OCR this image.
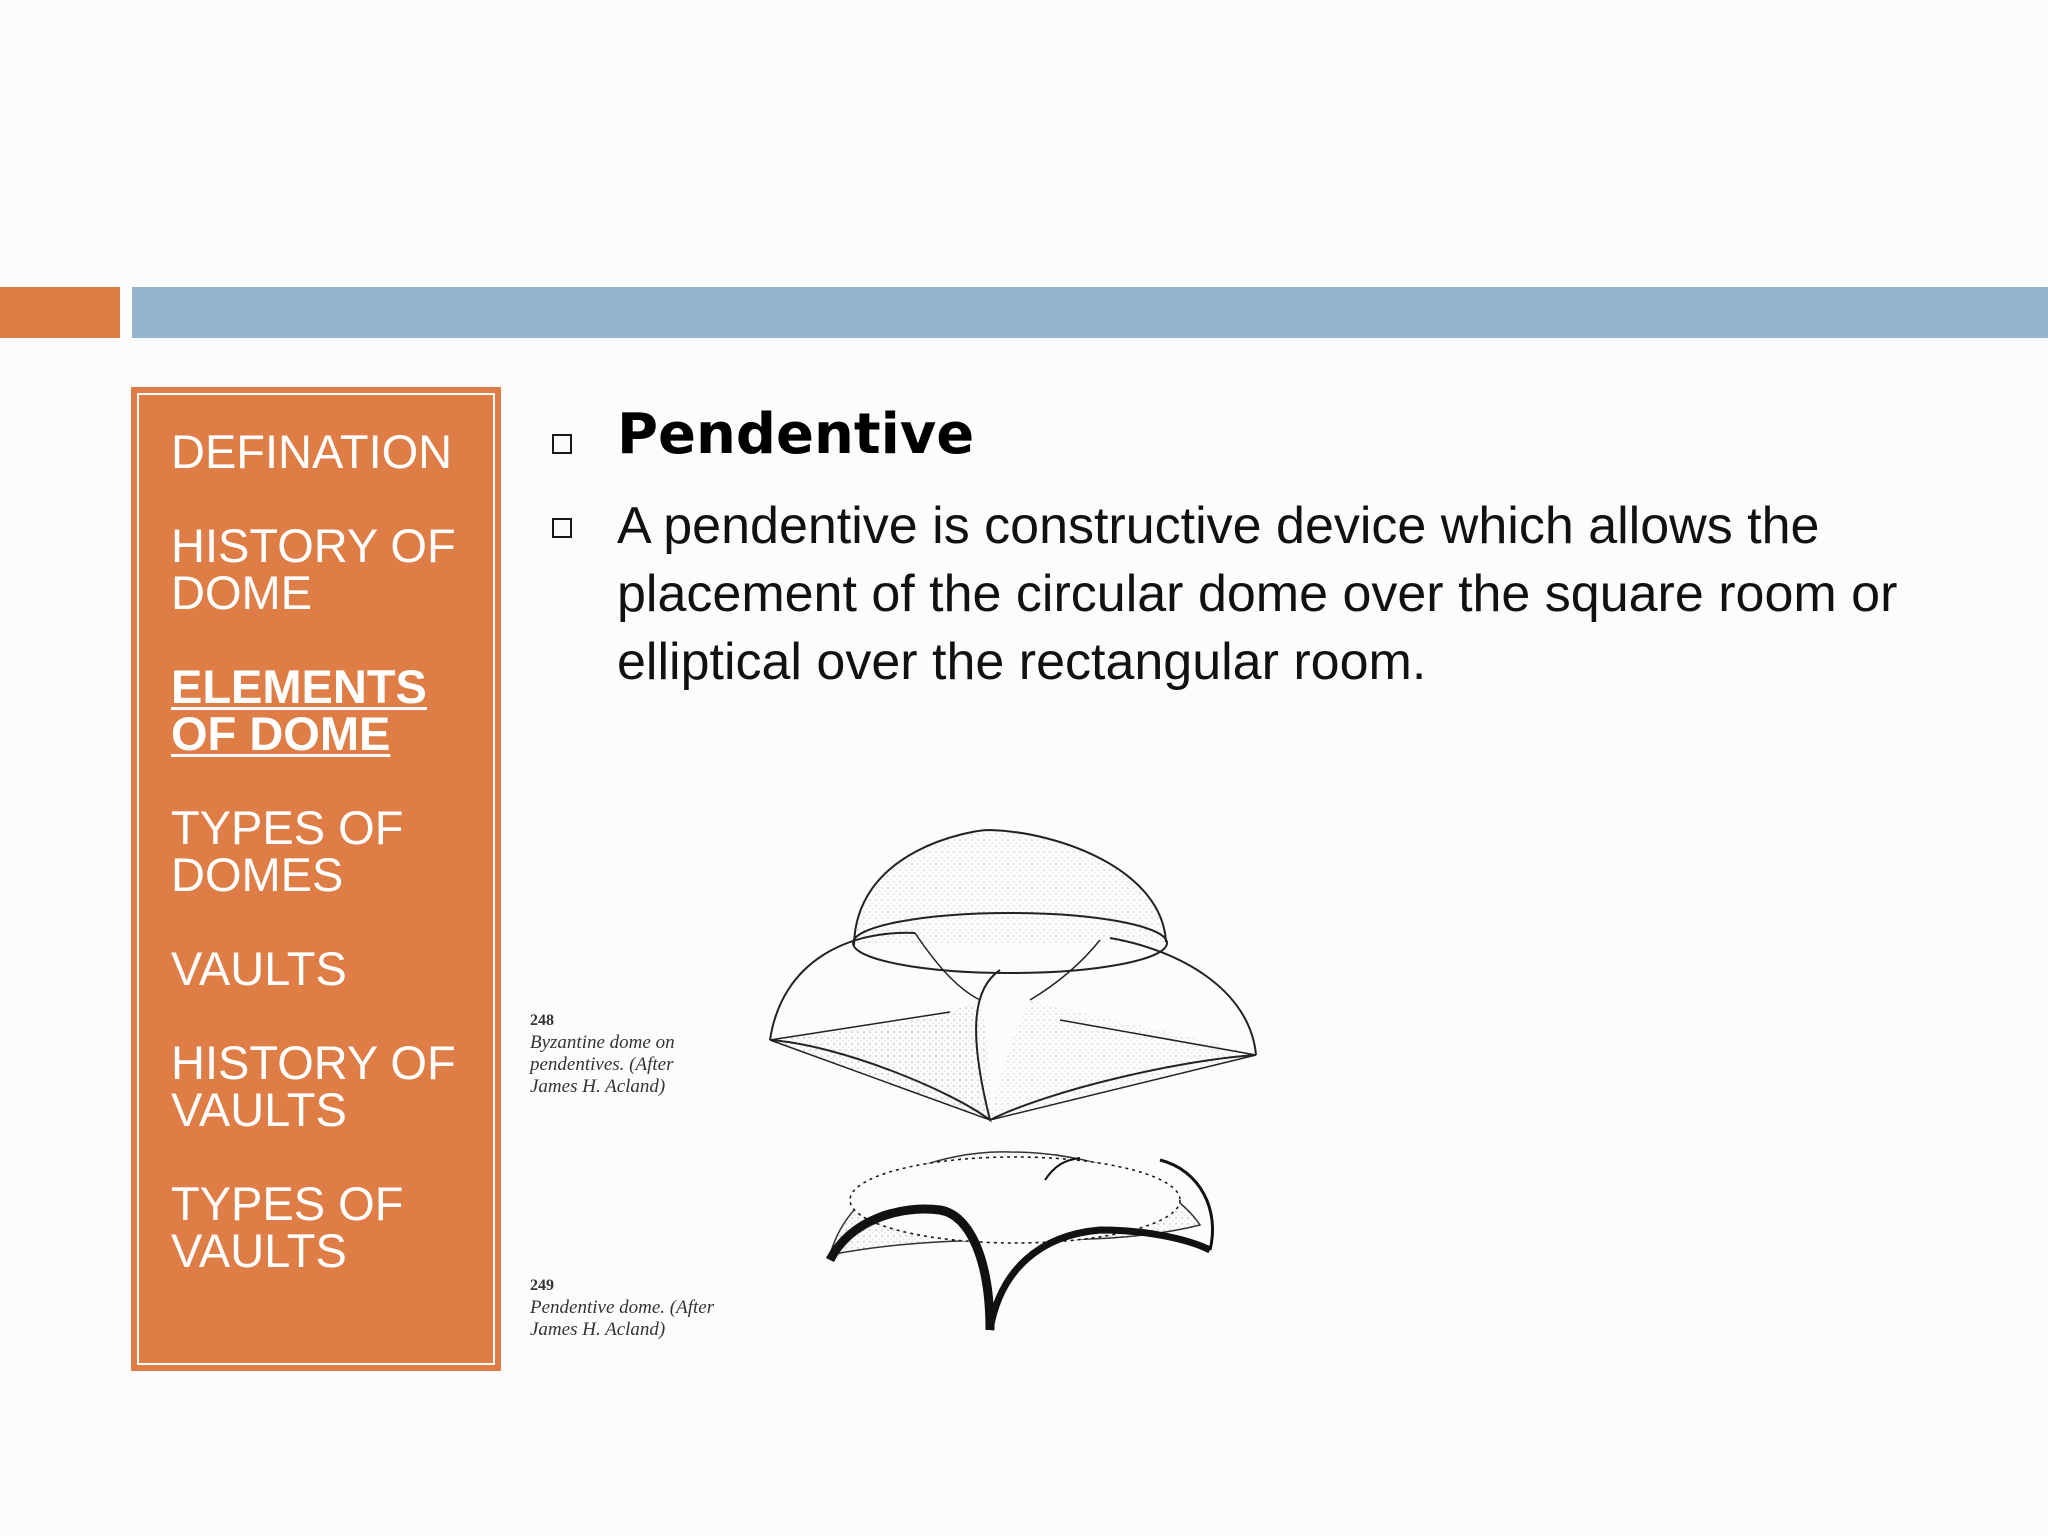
DEFINATION
HISTORY OF DOME
ELEMENTS OF DOME
TYPES OF DOMES
VAULTS
HISTORY OF VAULTS
TYPES OF VAULTS
Pendentive
A pendentive is constructive device which allows the placement of the circular dome over the square room or elliptical over the rectangular room.
248
Byzantine dome on pendentives. (After James H. Acland)
249
Pendentive dome. (After James H. Acland)
